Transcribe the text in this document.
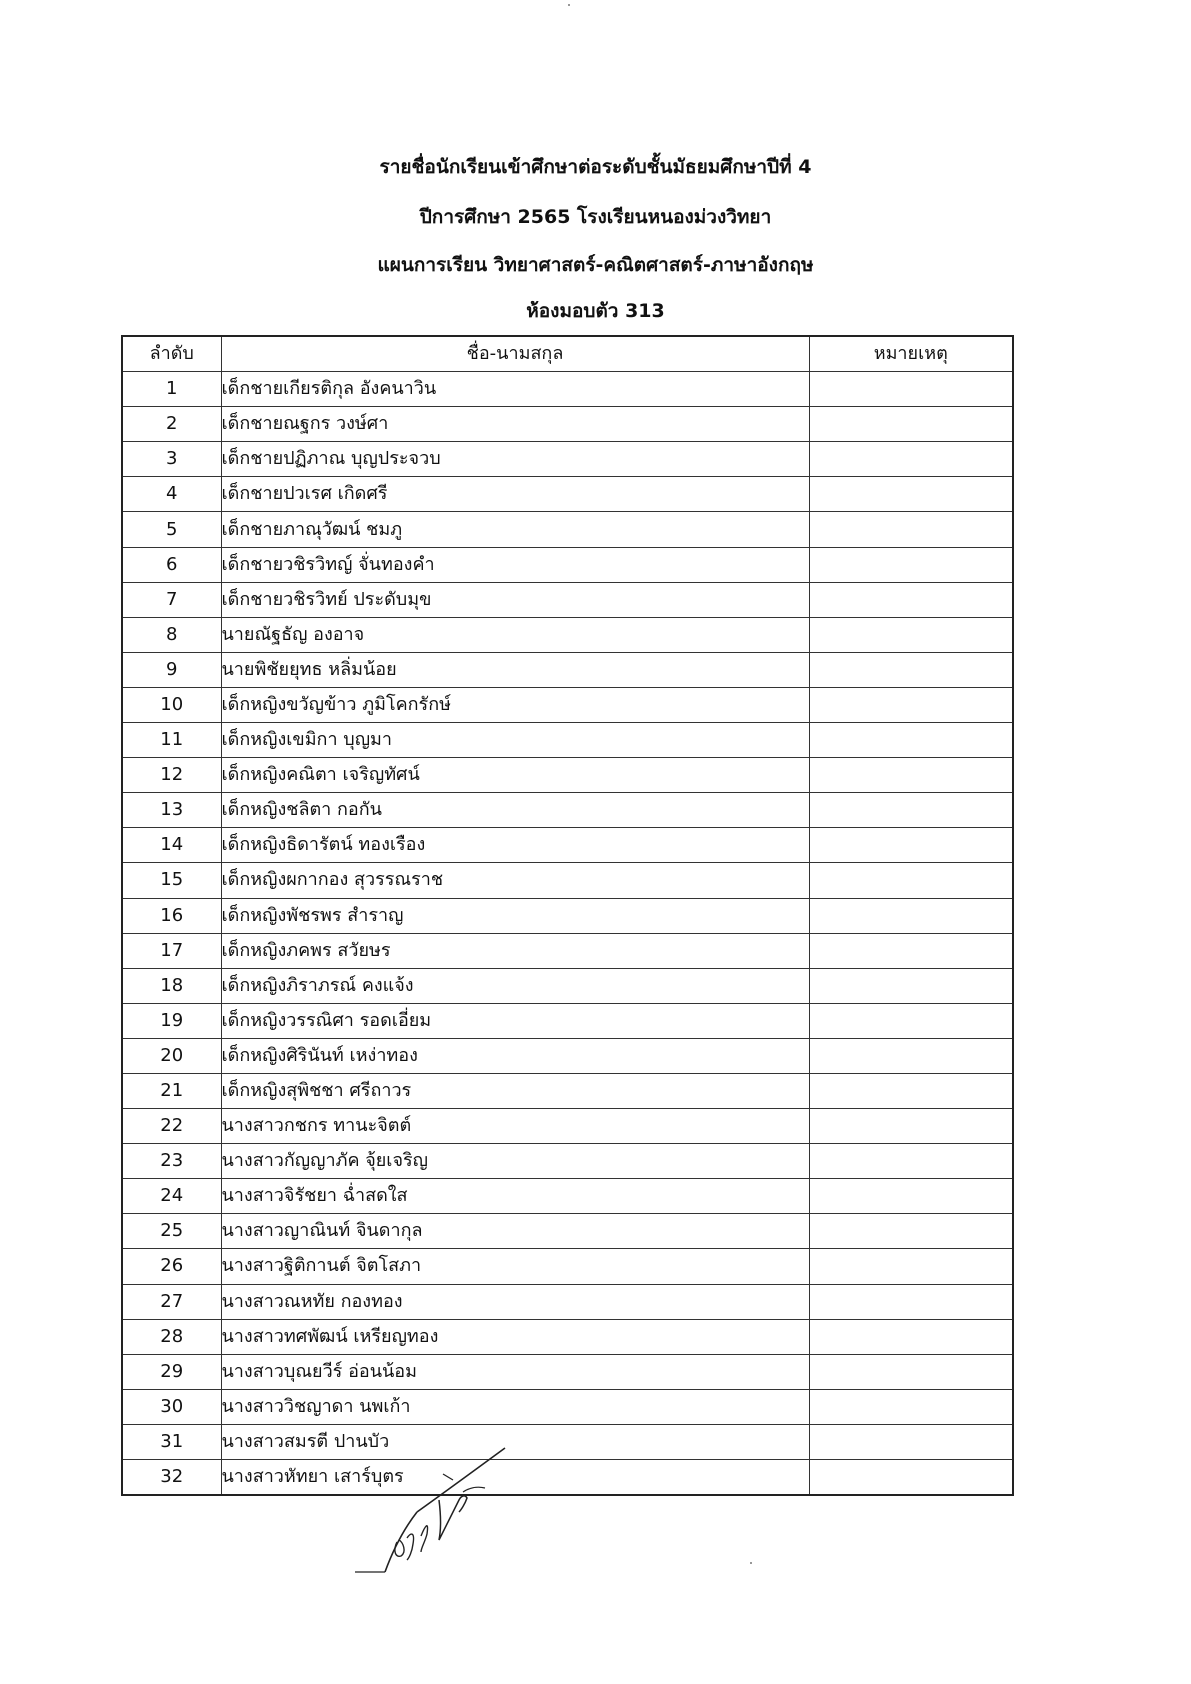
รายชื่อนักเรียนเข้าศึกษาต่อระดับชั้นมัธยมศึกษาปีที่ 4
ปีการศึกษา 2565 โรงเรียนหนองม่วงวิทยา
แผนการเรียน วิทยาศาสตร์-คณิตศาสตร์-ภาษาอังกฤษ
ห้องมอบตัว 313
ลำดับ	ชื่อ-นามสกุล	หมายเหตุ
1	เด็กชายเกียรติกุล อังคนาวิน	
2	เด็กชายณฐกร วงษ์ศา	
3	เด็กชายปฏิภาณ บุญประจวบ	
4	เด็กชายปวเรศ เกิดศรี	
5	เด็กชายภาณุวัฒน์ ชมภู	
6	เด็กชายวชิรวิทญ์ จั่นทองคำ	
7	เด็กชายวชิรวิทย์ ประดับมุข	
8	นายณัฐธัญ องอาจ	
9	นายพิชัยยุทธ หลิ่มน้อย	
10	เด็กหญิงขวัญข้าว ภูมิโคกรักษ์	
11	เด็กหญิงเขมิกา บุญมา	
12	เด็กหญิงคณิตา เจริญทัศน์	
13	เด็กหญิงชลิตา กอกัน	
14	เด็กหญิงธิดารัตน์ ทองเรือง	
15	เด็กหญิงผกากอง สุวรรณราช	
16	เด็กหญิงพัชรพร สำราญ	
17	เด็กหญิงภคพร สวัยษร	
18	เด็กหญิงภิราภรณ์ คงแจ้ง	
19	เด็กหญิงวรรณิศา รอดเอี่ยม	
20	เด็กหญิงศิรินันท์ เหง่าทอง	
21	เด็กหญิงสุพิชชา ศรีถาวร	
22	นางสาวกชกร ทานะจิตต์	
23	นางสาวกัญญาภัค จุ้ยเจริญ	
24	นางสาวจิรัชยา ฉ่ำสดใส	
25	นางสาวญาณินท์ จินดากุล	
26	นางสาวฐิติกานต์ จิตโสภา	
27	นางสาวณหทัย กองทอง	
28	นางสาวทศพัฒน์ เหรียญทอง	
29	นางสาวบุณยวีร์ อ่อนน้อม	
30	นางสาววิชญาดา นพเก้า	
31	นางสาวสมรตี ปานบัว	
32	นางสาวหัทยา เสาร์บุตร	
